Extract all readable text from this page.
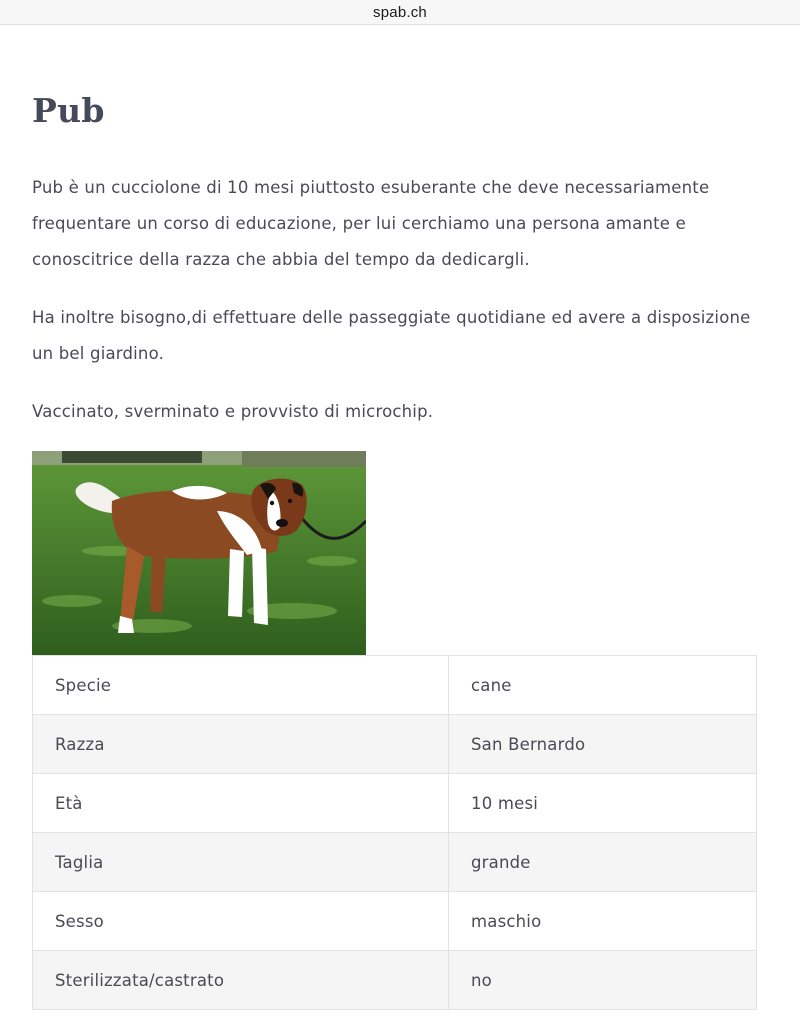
spab.ch
Pub

Pub è un cucciolone di 10 mesi piuttosto esuberante che deve necessariamente frequentare un corso di educazione, per lui cerchiamo una persona amante e conoscitrice della razza che abbia del tempo da dedicargli.

Ha inoltre bisogno,di effettuare delle passeggiate quotidiane ed avere a disposizione un bel giardino.

Vaccinato, sverminato e provvisto di microchip.

Specie	cane
Razza	San Bernardo
Età	10 mesi
Taglia	grande
Sesso	maschio
Sterilizzata/castrato	no
